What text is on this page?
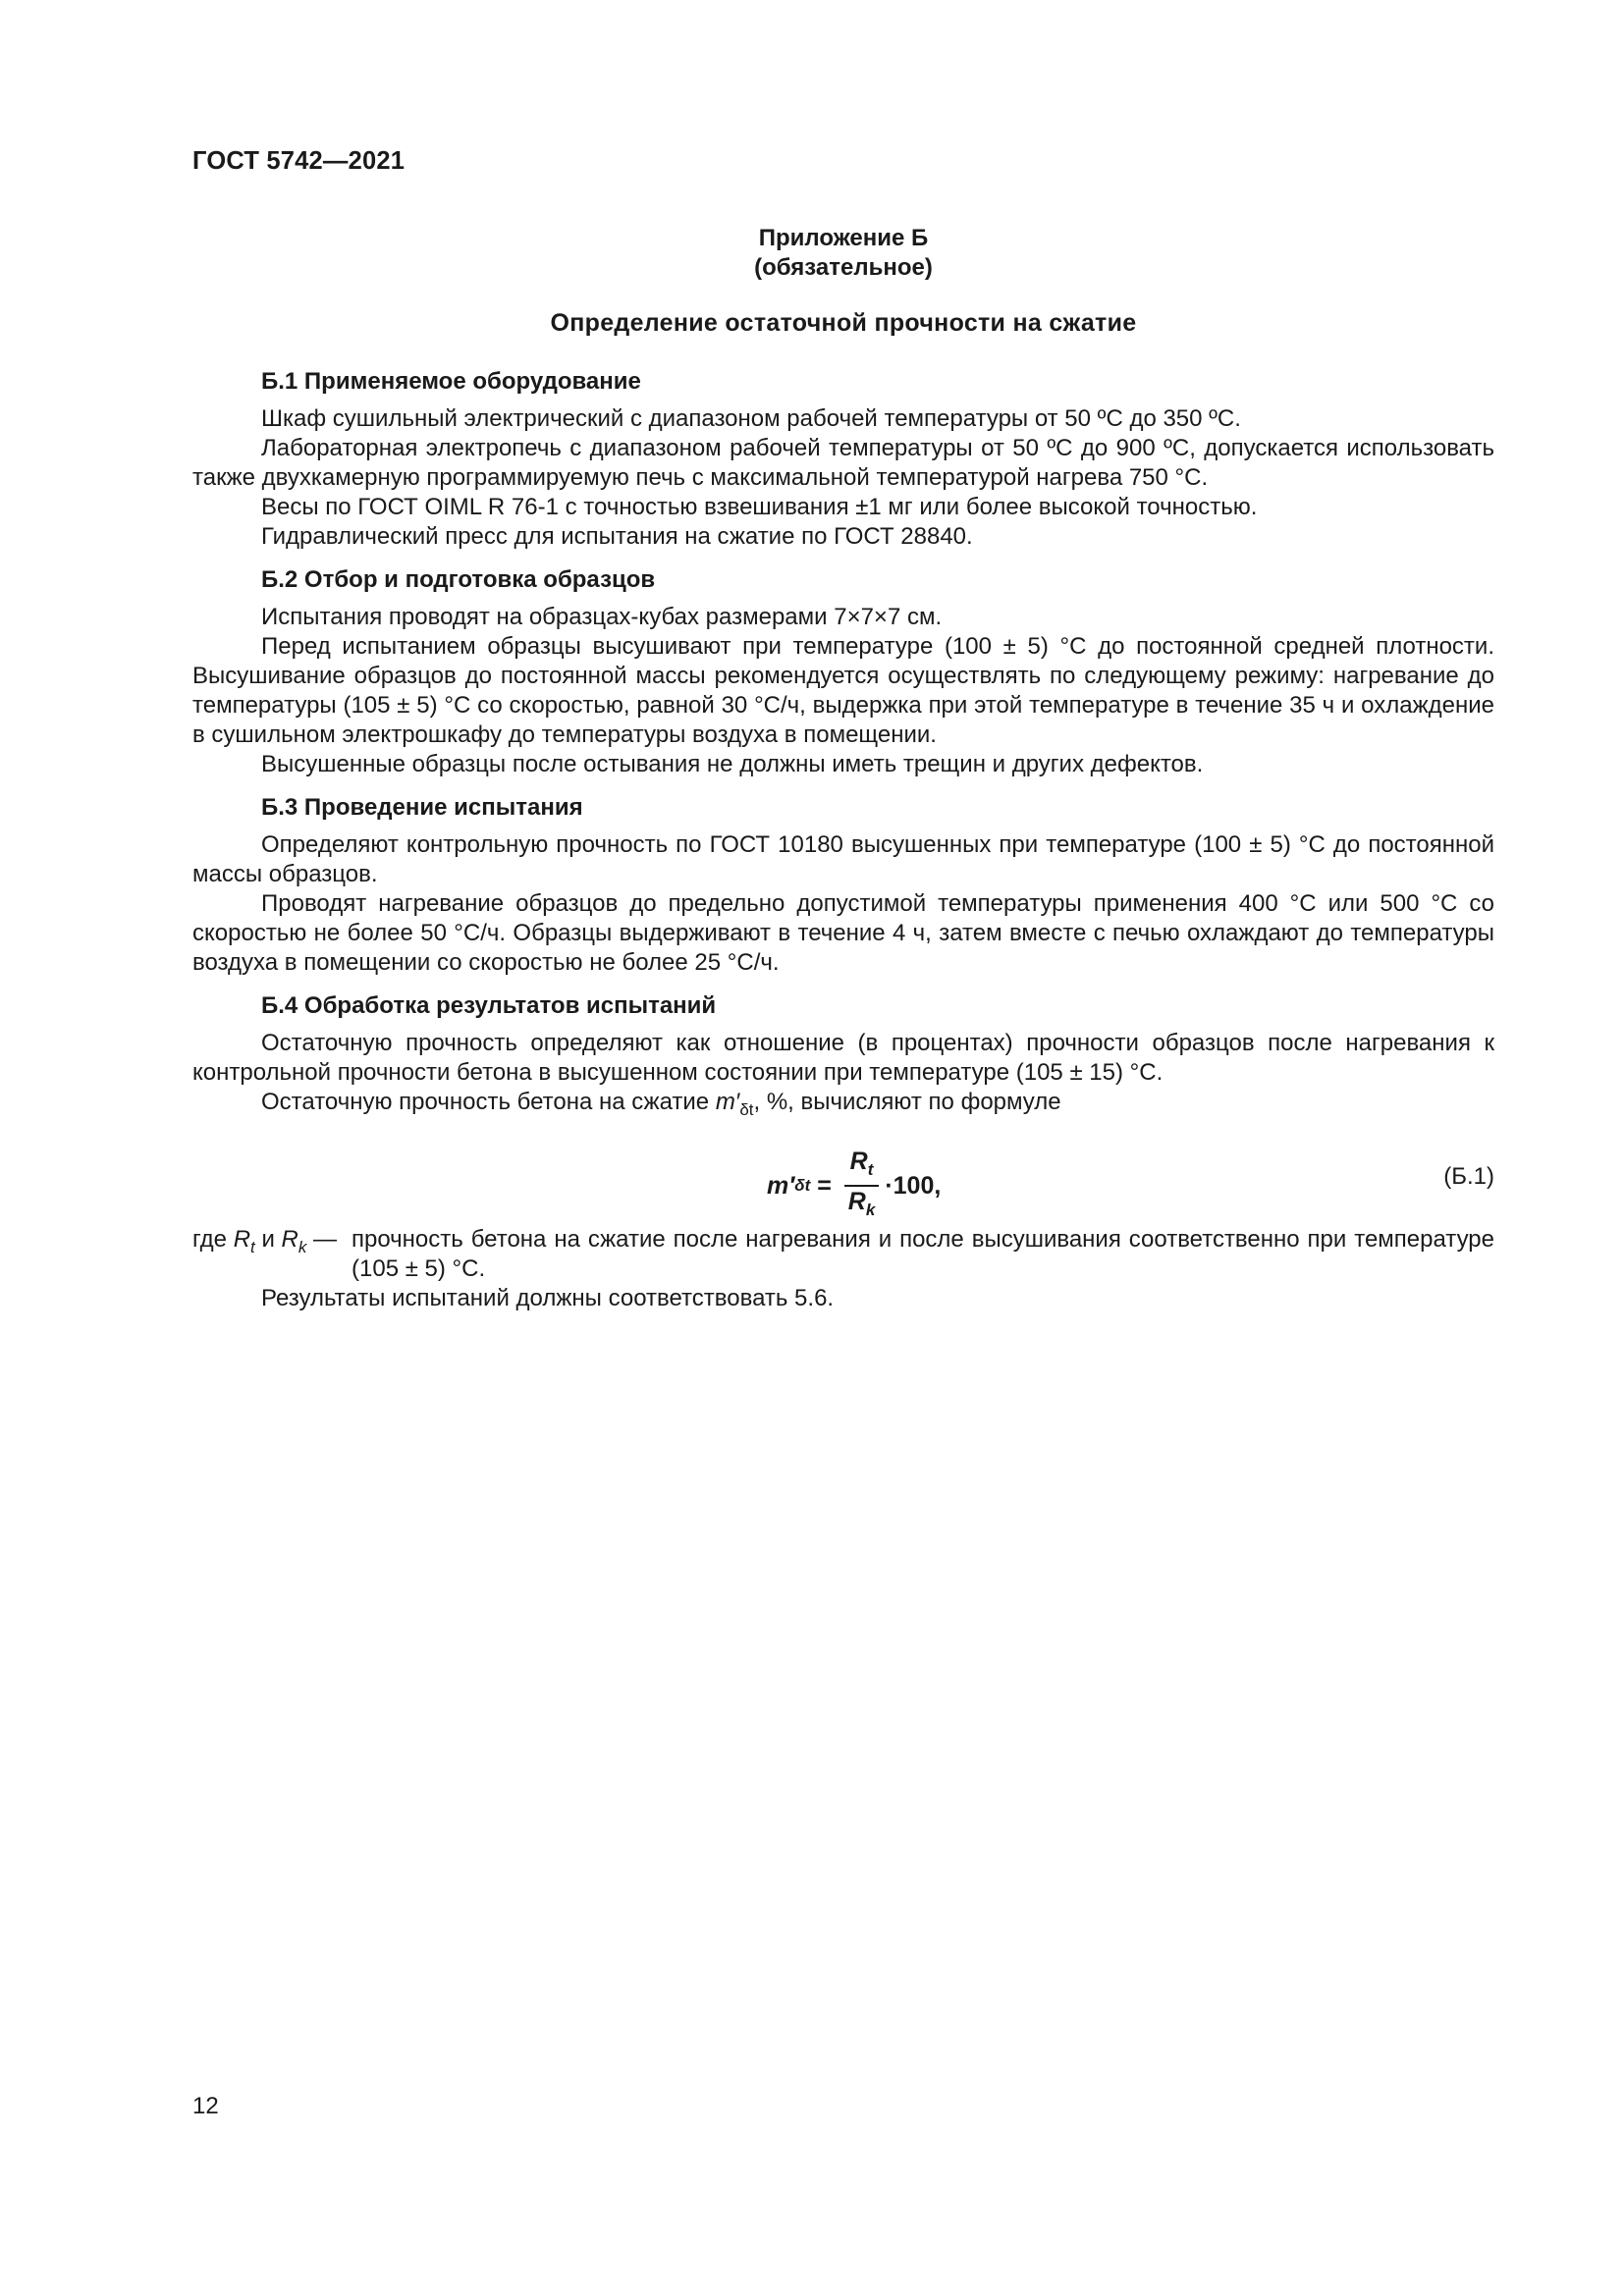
ГОСТ 5742—2021
Приложение Б
(обязательное)
Определение остаточной прочности на сжатие
Б.1 Применяемое оборудование

Шкаф сушильный электрический с диапазоном рабочей температуры от 50 ºС до 350 ºС.

Лабораторная электропечь с диапазоном рабочей температуры от 50 ºС до 900 ºС, допускается использовать также двухкамерную программируемую печь с максимальной температурой нагрева 750 °С.

Весы по ГОСТ OIML R 76-1 с точностью взвешивания ±1 мг или более высокой точностью.

Гидравлический пресс для испытания на сжатие по ГОСТ 28840.

Б.2 Отбор и подготовка образцов

Испытания проводят на образцах-кубах размерами 7×7×7 см.

Перед испытанием образцы высушивают при температуре (100 ± 5) °С до постоянной средней плотности. Высушивание образцов до постоянной массы рекомендуется осуществлять по следующему режиму: нагревание до температуры (105 ± 5) °С со скоростью, равной 30 °С/ч, выдержка при этой температуре в течение 35 ч и охлаждение в сушильном электрошкафу до температуры воздуха в помещении.

Высушенные образцы после остывания не должны иметь трещин и других дефектов.

Б.3 Проведение испытания

Определяют контрольную прочность по ГОСТ 10180 высушенных при температуре (100 ± 5) °С до постоянной массы образцов.

Проводят нагревание образцов до предельно допустимой температуры применения 400 °С или 500 °С со скоростью не более 50 °С/ч. Образцы выдерживают в течение 4 ч, затем вместе с печью охлаждают до температуры воздуха в помещении со скоростью не более 25 °С/ч.

Б.4 Обработка результатов испытаний

Остаточную прочность определяют как отношение (в процентах) прочности образцов после нагревания к контрольной прочности бетона в высушенном состоянии при температуре (105 ± 15) °С.

Остаточную прочность бетона на сжатие $m'_{\delta t}$, %, вычисляют по формуле

m′ $\delta t = \frac{R_t}{R_k} \cdot 100$,	(Б.1)
где $R_t$ и $R_k$ — прочность бетона на сжатие после нагревания и после высушивания соответственно при температуре (105 ± 5) °С.

Результаты испытаний должны соответствовать 5.6.

12
